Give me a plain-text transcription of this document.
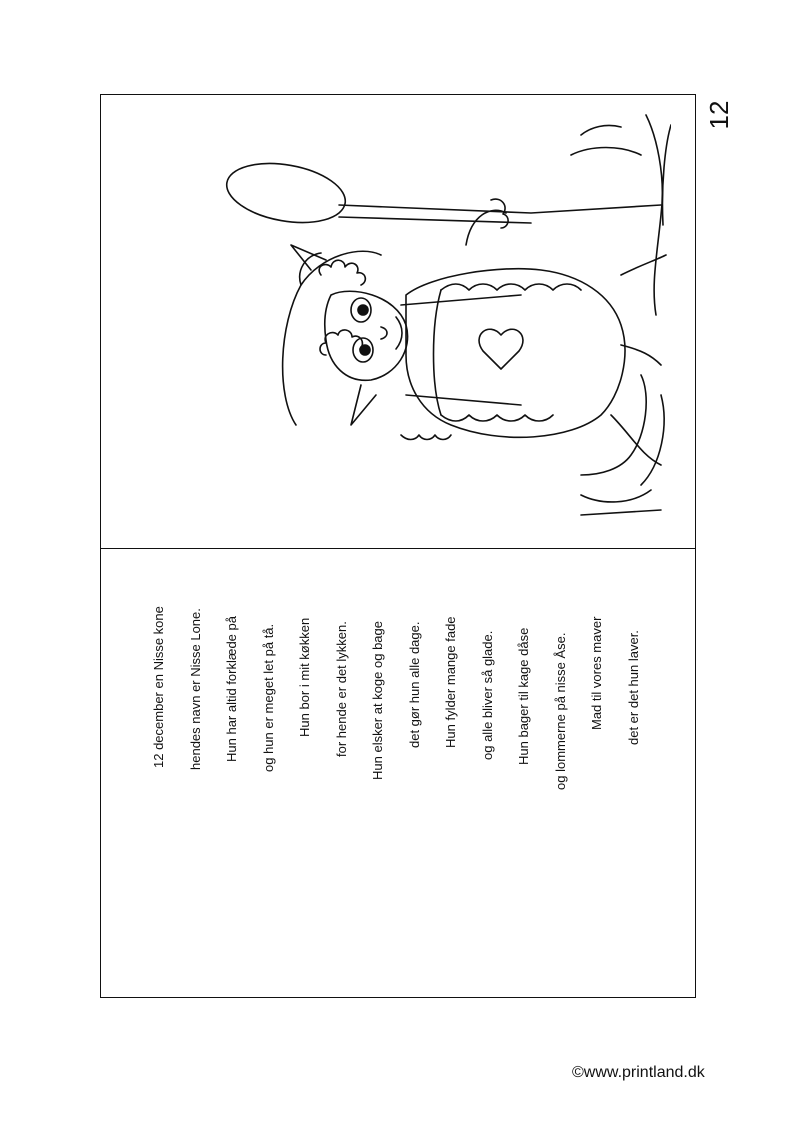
12
12 december en Nisse kone	hendes navn er Nisse Lone.	Hun har altid forklæde på	og hun er meget let på tå.	Hun bor i mit køkken	for hende er det lykken.	Hun elsker at koge og bage	det gør hun alle dage.	Hun fylder mange fade	og alle bliver så glade.	Hun bager til kage dåse	og lommerne på nisse Åse.	Mad til vores maver	det er det hun laver.
©www.printland.dk
